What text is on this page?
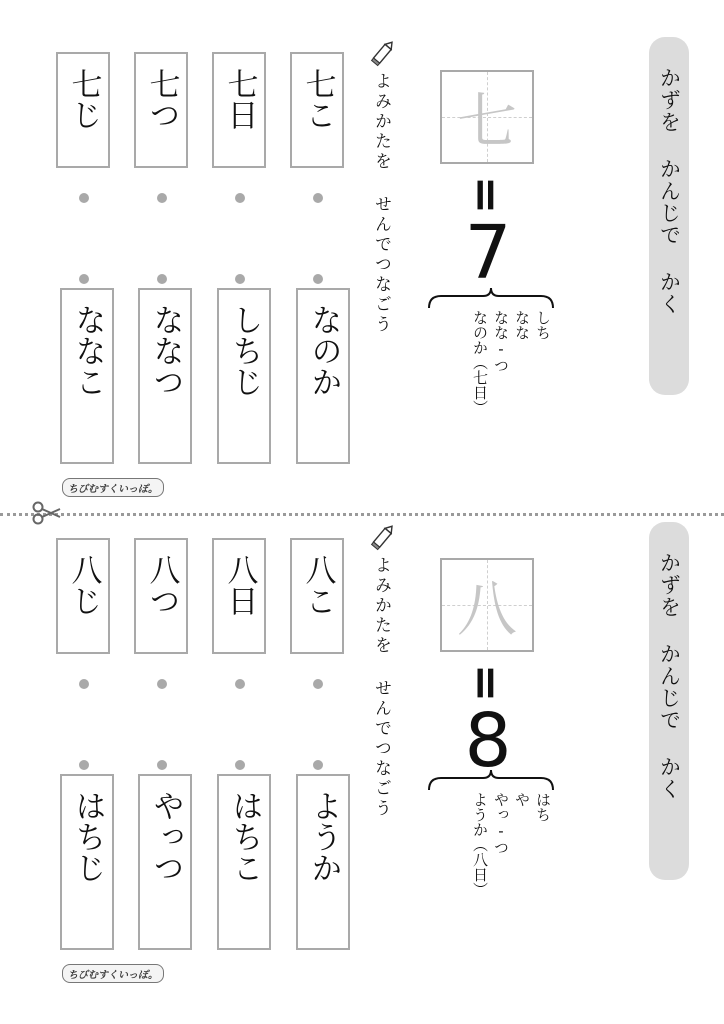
かずを かんじで かく
七
=
7
しち
なな
なな-つ
なのか（七日）
よみかたを せんでつなごう
七こ
七日
七つ
七じ
なのか
しちじ
ななつ
ななこ
ちびむすくいっぽ。
かずを かんじで かく
八
=
8
はち
や
やっ-つ
ようか（八日）
よみかたを せんでつなごう
八こ
八日
八つ
八じ
ようか
はちこ
やっつ
はちじ
ちびむすくいっぽ。
